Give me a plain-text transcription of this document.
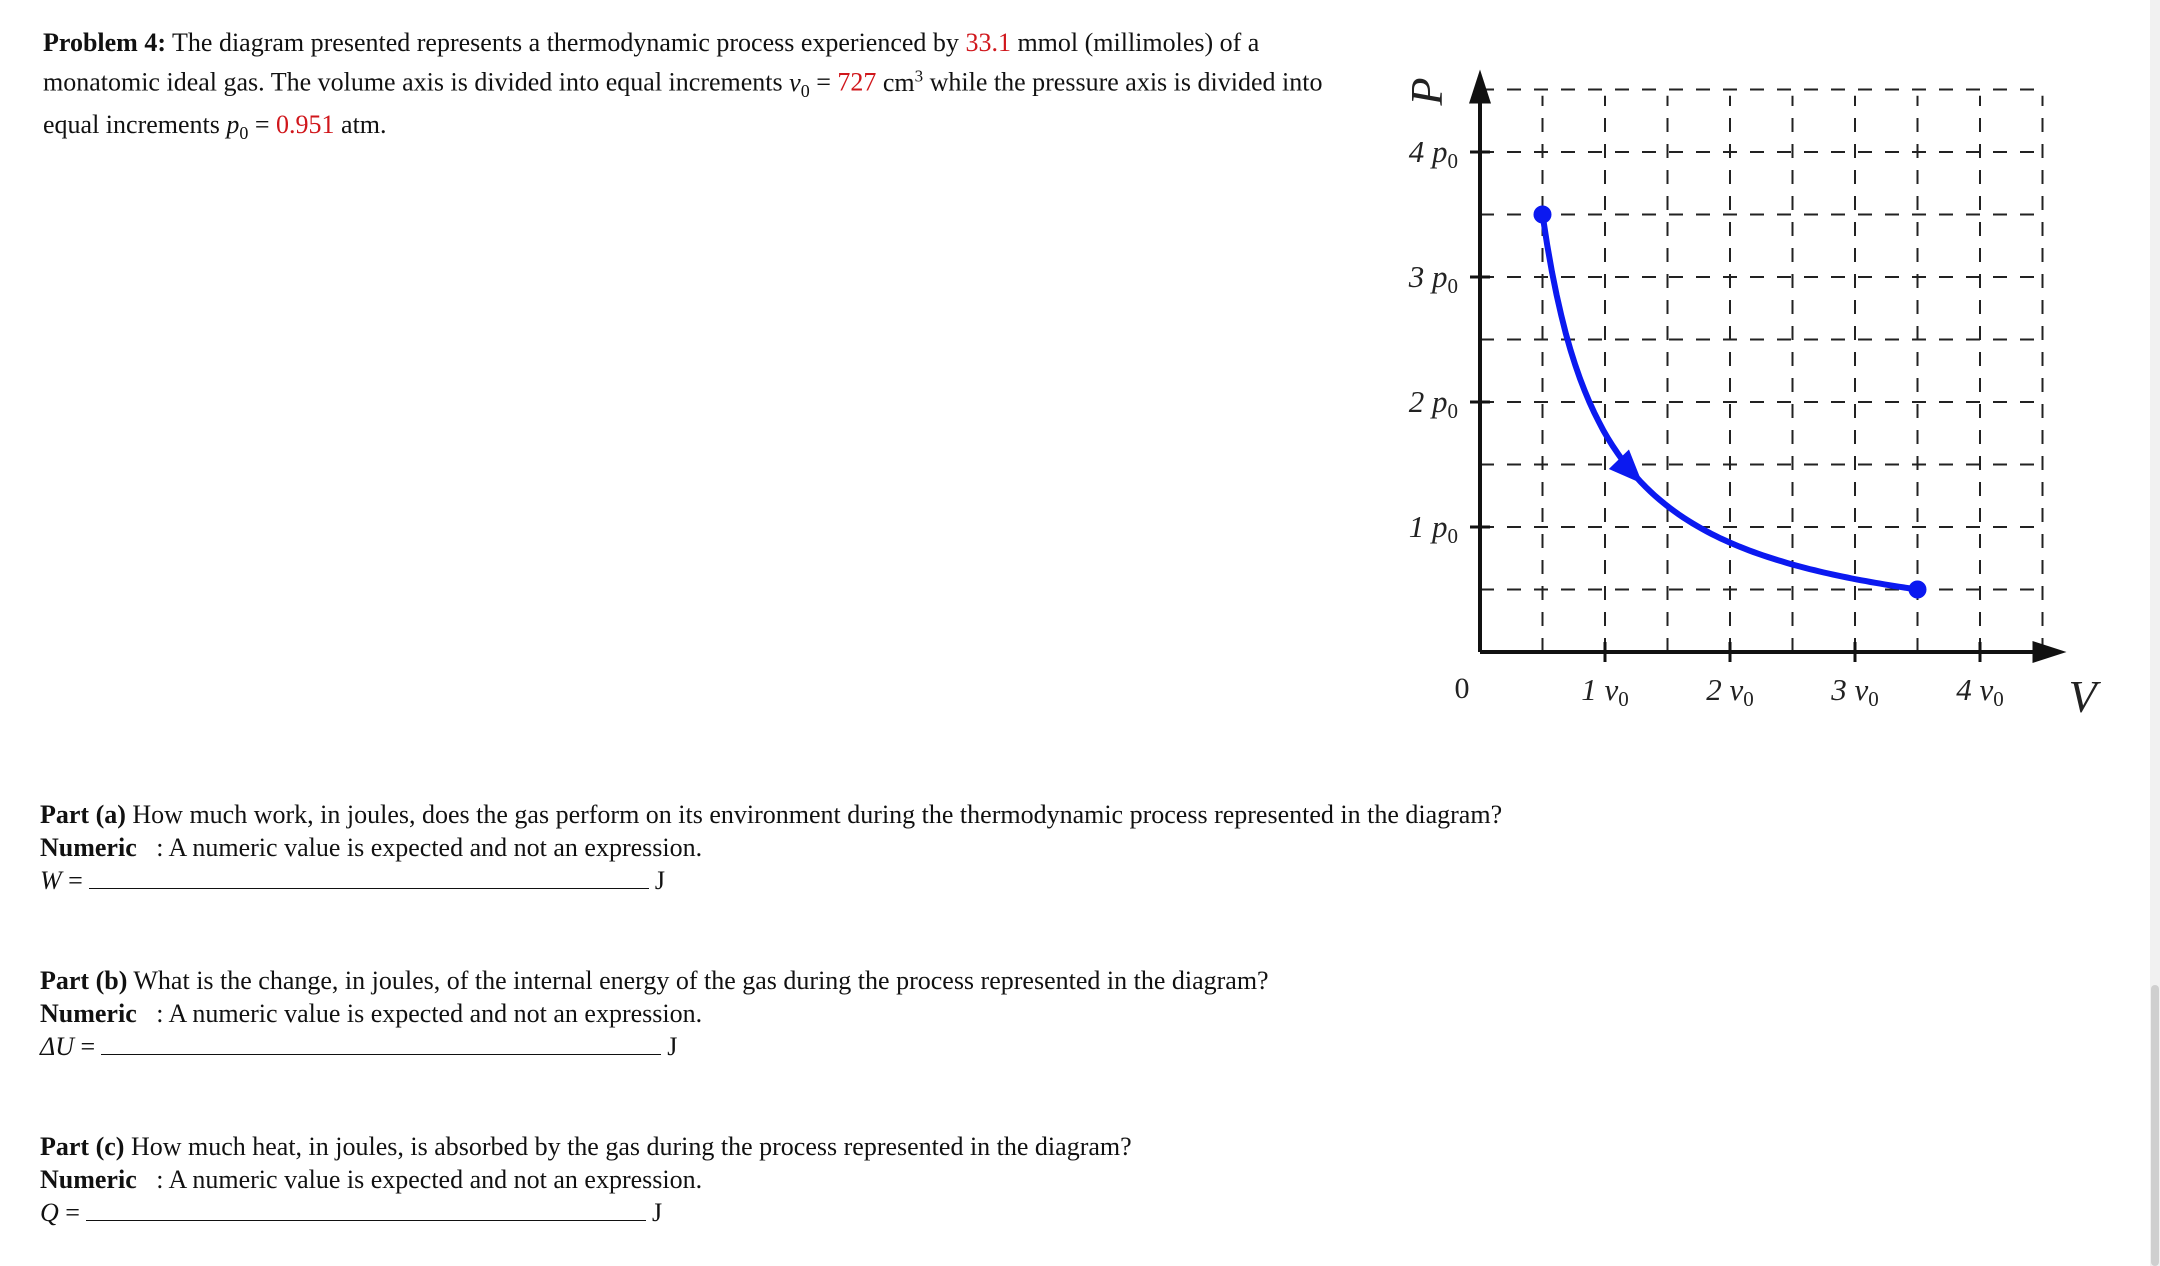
Problem 4: The diagram presented represents a thermodynamic process experienced by 33.1 mmol (millimoles) of a monatomic ideal gas. The volume axis is divided into equal increments $v_0 = 727$ $cm^3$ while the pressure axis is divided into equal increments $p_0 = 0.951$ atm.
1 v0 2 v0 3 v0 4 v0
1 p0
2 p0
3 p0
4 p0
0	V
P
Part (a) How much work, in joules, does the gas perform on its environment during the thermodynamic process represented in the diagram?
Numeric : A numeric value is expected and not an expression.
W =	J
Part (b) What is the change, in joules, of the internal energy of the gas during the process represented in the diagram?
Numeric : A numeric value is expected and not an expression.
ΔU =	J
Part (c) How much heat, in joules, is absorbed by the gas during the process represented in the diagram?
Numeric : A numeric value is expected and not an expression.
Q =	J
